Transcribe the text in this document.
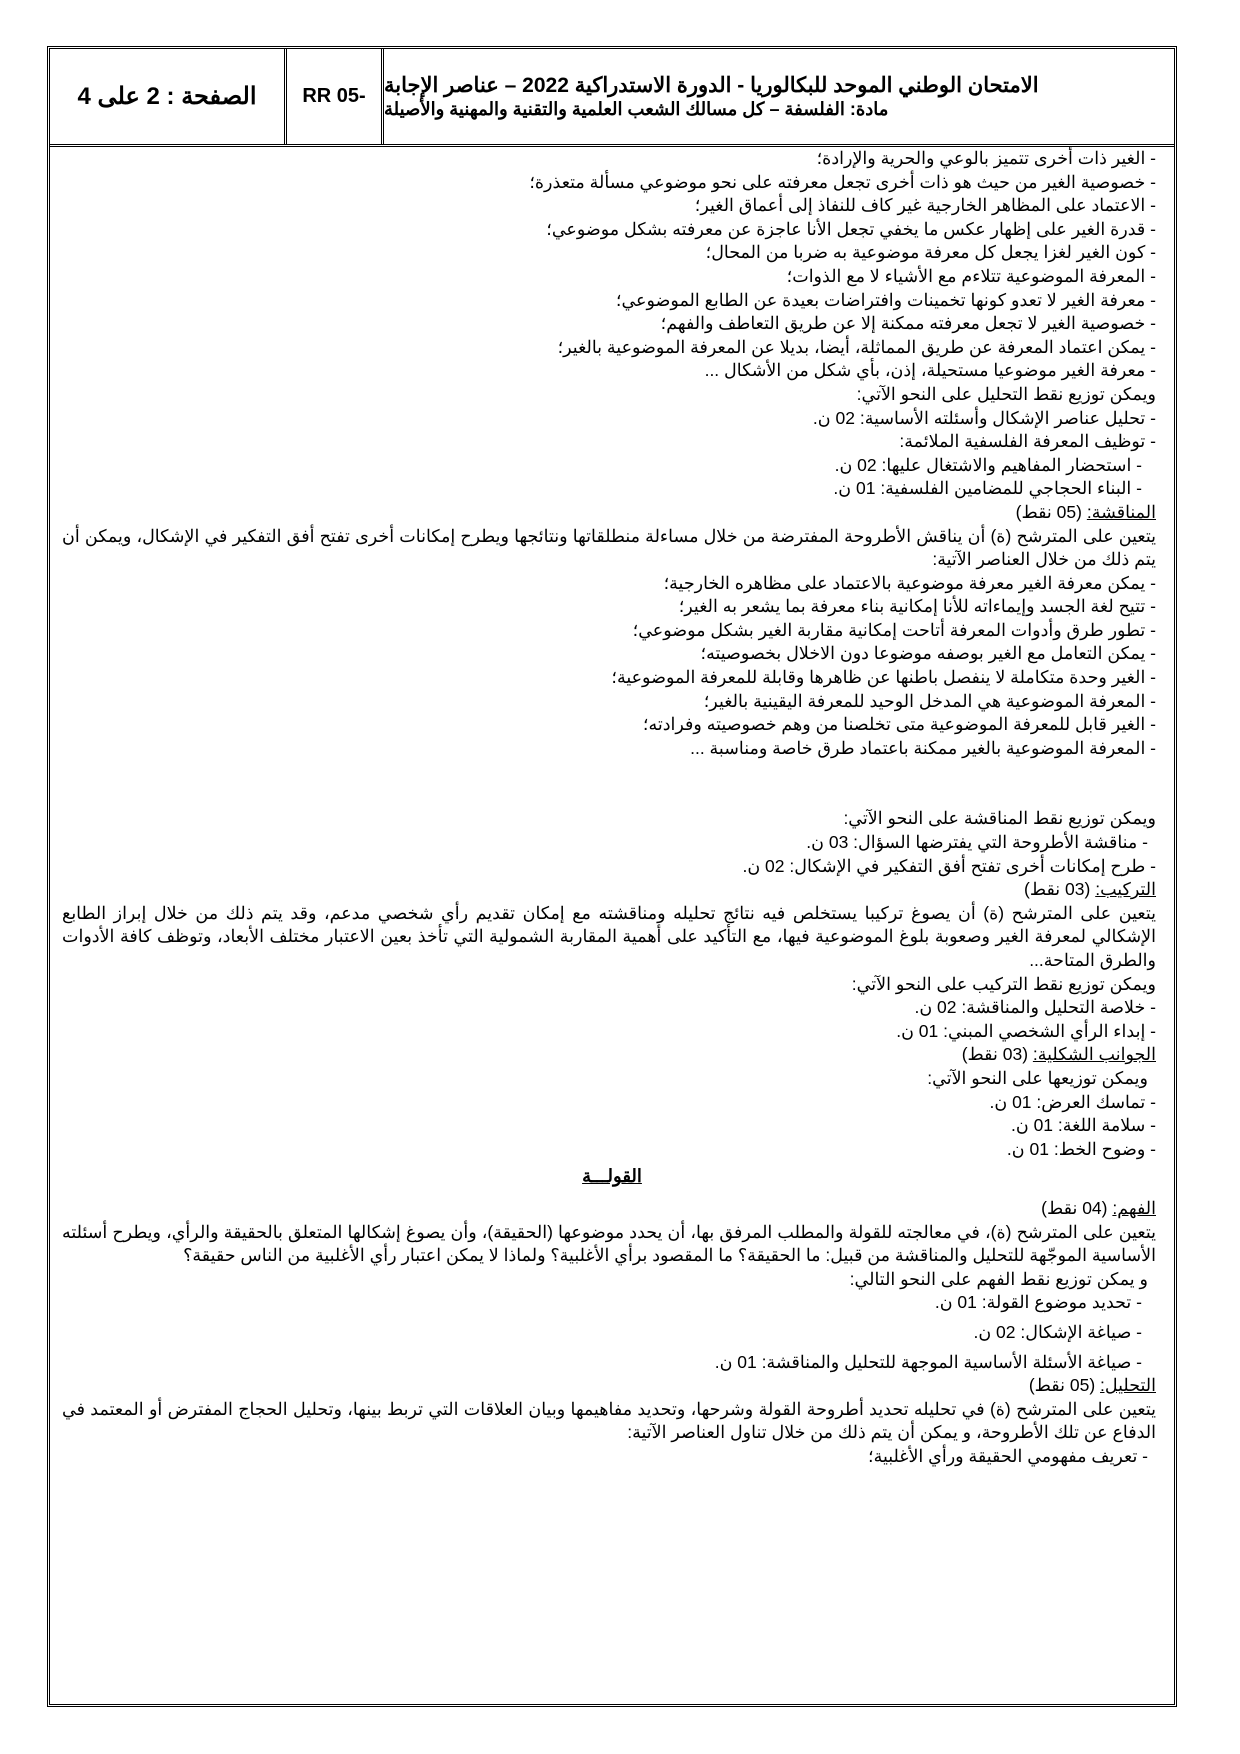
الصفحة : 2 على 4	RR 05- الامتحان الوطني الموحد للبكالوريا - الدورة الاستدراكية 2022 – عناصر الإجابة
مادة: الفلسفة – كل مسالك الشعب العلمية والتقنية والمهنية والأصيلة

- الغير ذات أخرى تتميز بالوعي والحرية والإرادة؛

- خصوصية الغير من حيث هو ذات أخرى تجعل معرفته على نحو موضوعي مسألة متعذرة؛

- الاعتماد على المظاهر الخارجية غير كاف للنفاذ إلى أعماق الغير؛

- قدرة الغير على إظهار عكس ما يخفي تجعل الأنا عاجزة عن معرفته بشكل موضوعي؛

- كون الغير لغزا يجعل كل معرفة موضوعية به ضربا من المحال؛

- المعرفة الموضوعية تتلاءم مع الأشياء لا مع الذوات؛

- معرفة الغير لا تعدو كونها تخمينات وافتراضات بعيدة عن الطابع الموضوعي؛

- خصوصية الغير لا تجعل معرفته ممكنة إلا عن طريق التعاطف والفهم؛

- يمكن اعتماد المعرفة عن طريق المماثلة، أيضا، بديلا عن المعرفة الموضوعية بالغير؛

- معرفة الغير موضوعيا مستحيلة، إذن، بأي شكل من الأشكال ...

ويمكن توزيع نقط التحليل على النحو الآتي:

- تحليل عناصر الإشكال وأسئلته الأساسية: 02 ن.

- توظيف المعرفة الفلسفية الملائمة:

- استحضار المفاهيم والاشتغال عليها: 02 ن.

- البناء الحجاجي للمضامين الفلسفية: 01 ن.

المناقشة: (05 نقط)

يتعين على المترشح (ة) أن يناقش الأطروحة المفترضة من خلال مساءلة منطلقاتها ونتائجها ويطرح إمكانات أخرى تفتح أفق التفكير في الإشكال، ويمكن أن يتم ذلك من خلال العناصر الآتية:

- يمكن معرفة الغير معرفة موضوعية بالاعتماد على مظاهره الخارجية؛

- تتيح لغة الجسد وإيماءاته للأنا إمكانية بناء معرفة بما يشعر به الغير؛

- تطور طرق وأدوات المعرفة أتاحت إمكانية مقاربة الغير بشكل موضوعي؛

- يمكن التعامل مع الغير بوصفه موضوعا دون الاخلال بخصوصيته؛

- الغير وحدة متكاملة لا ينفصل باطنها عن ظاهرها وقابلة للمعرفة الموضوعية؛

- المعرفة الموضوعية هي المدخل الوحيد للمعرفة اليقينية بالغير؛

- الغير قابل للمعرفة الموضوعية متى تخلصنا من وهم خصوصيته وفرادته؛

- المعرفة الموضوعية بالغير ممكنة باعتماد طرق خاصة ومناسبة ...

ويمكن توزيع نقط المناقشة على النحو الآتي:

- مناقشة الأطروحة التي يفترضها السؤال: 03 ن.

- طرح إمكانات أخرى تفتح أفق التفكير في الإشكال: 02 ن.

التركيب: (03 نقط)

يتعين على المترشح (ة) أن يصوغ تركيبا يستخلص فيه نتائج تحليله ومناقشته مع إمكان تقديم رأي شخصي مدعم، وقد يتم ذلك من خلال إبراز الطابع الإشكالي لمعرفة الغير وصعوبة بلوغ الموضوعية فيها، مع التأكيد على أهمية المقاربة الشمولية التي تأخذ بعين الاعتبار مختلف الأبعاد، وتوظف كافة الأدوات والطرق المتاحة...

ويمكن توزيع نقط التركيب على النحو الآتي:

- خلاصة التحليل والمناقشة: 02 ن.

- إبداء الرأي الشخصي المبني: 01 ن.

الجوانب الشكلية: (03 نقط)

ويمكن توزيعها على النحو الآتي:

- تماسك العرض: 01 ن.

- سلامة اللغة: 01 ن.

- وضوح الخط: 01 ن.

القولـــة

الفهم: (04 نقط)

يتعين على المترشح (ة)، في معالجته للقولة والمطلب المرفق بها، أن يحدد موضوعها (الحقيقة)، وأن يصوغ إشكالها المتعلق بالحقيقة والرأي، ويطرح أسئلته الأساسية الموجّهة للتحليل والمناقشة من قبيل: ما الحقيقة؟ ما المقصود برأي الأغلبية؟ ولماذا لا يمكن اعتبار رأي الأغلبية من الناس حقيقة؟

و يمكن توزيع نقط الفهم على النحو التالي:

- تحديد موضوع القولة: 01 ن.

- صياغة الإشكال: 02 ن.

- صياغة الأسئلة الأساسية الموجهة للتحليل والمناقشة: 01 ن.

التحليل: (05 نقط)

يتعين على المترشح (ة) في تحليله تحديد أطروحة القولة وشرحها، وتحديد مفاهيمها وبيان العلاقات التي تربط بينها، وتحليل الحجاج المفترض أو المعتمد في الدفاع عن تلك الأطروحة، و يمكن أن يتم ذلك من خلال تناول العناصر الآتية:

- تعريف مفهومي الحقيقة ورأي الأغلبية؛
